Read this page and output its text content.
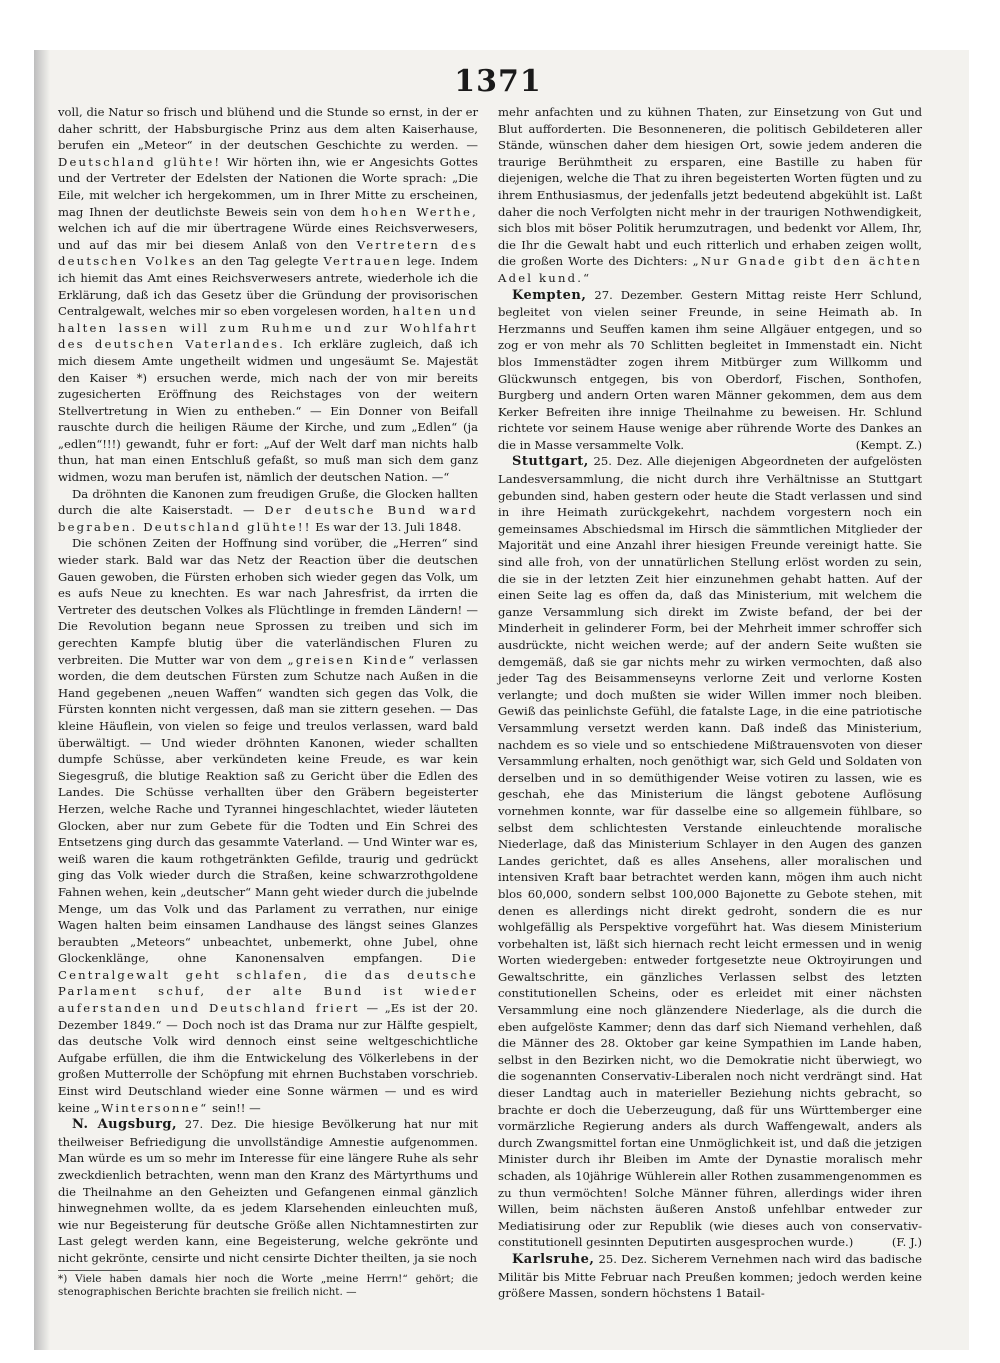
1371

voll, die Natur so frisch und blühend und die Stunde so ernst, in der er daher schritt, der Habsburgische Prinz aus dem alten Kaiserhause, berufen ein „Meteor“ in der deutschen Geschichte zu werden. — Deutschland glühte! Wir hörten ihn, wie er Angesichts Gottes und der Vertreter der Edelsten der Nationen die Worte sprach: „Die Eile, mit welcher ich hergekommen, um in Ihrer Mitte zu erscheinen, mag Ihnen der deutlichste Beweis sein von dem hohen Werthe, welchen ich auf die mir übertragene Würde eines Reichsverwesers, und auf das mir bei diesem Anlaß von den Vertretern des deutschen Volkes an den Tag gelegte Vertrauen lege. Indem ich hiemit das Amt eines Reichsverwesers antrete, wiederhole ich die Erklärung, daß ich das Gesetz über die Gründung der provisorischen Centralgewalt, welches mir so eben vorgelesen worden, halten und halten lassen will zum Ruhme und zur Wohlfahrt des deutschen Vaterlandes. Ich erkläre zugleich, daß ich mich diesem Amte ungetheilt widmen und ungesäumt Se. Majestät den Kaiser *) ersuchen werde, mich nach der von mir bereits zugesicherten Eröffnung des Reichstages von der weitern Stellvertretung in Wien zu entheben.“ — Ein Donner von Beifall rauschte durch die heiligen Räume der Kirche, und zum „Edlen“ (ja „edlen“!!!) gewandt, fuhr er fort: „Auf der Welt darf man nichts halb thun, hat man einen Entschluß gefaßt, so muß man sich dem ganz widmen, wozu man berufen ist, nämlich der deutschen Nation. —“

Da dröhnten die Kanonen zum freudigen Gruße, die Glocken hallten durch die alte Kaiserstadt. — Der deutsche Bund ward begraben. Deutschland glühte!! Es war der 13. Juli 1848.

Die schönen Zeiten der Hoffnung sind vorüber, die „Herren“ sind wieder stark. Bald war das Netz der Reaction über die deutschen Gauen gewoben, die Fürsten erhoben sich wieder gegen das Volk, um es aufs Neue zu knechten. Es war nach Jahresfrist, da irrten die Vertreter des deutschen Volkes als Flüchtlinge in fremden Ländern! — Die Revolution begann neue Sprossen zu treiben und sich im gerechten Kampfe blutig über die vaterländischen Fluren zu verbreiten. Die Mutter war von dem „greisen Kinde“ verlassen worden, die dem deutschen Fürsten zum Schutze nach Außen in die Hand gegebenen „neuen Waffen“ wandten sich gegen das Volk, die Fürsten konnten nicht vergessen, daß man sie zittern gesehen. — Das kleine Häuflein, von vielen so feige und treulos verlassen, ward bald überwältigt. — Und wieder dröhnten Kanonen, wieder schallten dumpfe Schüsse, aber verkündeten keine Freude, es war kein Siegesgruß, die blutige Reaktion saß zu Gericht über die Edlen des Landes. Die Schüsse verhallten über den Gräbern begeisterter Herzen, welche Rache und Tyrannei hingeschlachtet, wieder läuteten Glocken, aber nur zum Gebete für die Todten und Ein Schrei des Entsetzens ging durch das gesammte Vaterland. — Und Winter war es, weiß waren die kaum rothgetränkten Gefilde, traurig und gedrückt ging das Volk wieder durch die Straßen, keine schwarzrothgoldene Fahnen wehen, kein „deutscher“ Mann geht wieder durch die jubelnde Menge, um das Volk und das Parlament zu verrathen, nur einige Wagen halten beim einsamen Landhause des längst seines Glanzes beraubten „Meteors“ unbeachtet, unbemerkt, ohne Jubel, ohne Glockenklänge, ohne Kanonensalven empfangen. Die Centralgewalt geht schlafen, die das deutsche Parlament schuf, der alte Bund ist wieder auferstanden und Deutschland friert — „Es ist der 20. Dezember 1849.“ — Doch noch ist das Drama nur zur Hälfte gespielt, das deutsche Volk wird dennoch einst seine weltgeschichtliche Aufgabe erfüllen, die ihm die Entwickelung des Völkerlebens in der großen Mutterrolle der Schöpfung mit ehrnen Buchstaben vorschrieb. Einst wird Deutschland wieder eine Sonne wärmen — und es wird keine „Wintersonne“ sein!! —

N. Augsburg, 27. Dez. Die hiesige Bevölkerung hat nur mit theilweiser Befriedigung die unvollständige Amnestie aufgenommen. Man würde es um so mehr im Interesse für eine längere Ruhe als sehr zweckdienlich betrachten, wenn man den Kranz des Märtyrthums und die Theilnahme an den Geheizten und Gefangenen einmal gänzlich hinwegnehmen wollte, da es jedem Klarsehenden einleuchten muß, wie nur Begeisterung für deutsche Größe allen Nichtamnestirten zur Last gelegt werden kann, eine Begeisterung, welche gekrönte und nicht gekrönte, censirte und nicht censirte Dichter theilten, ja sie noch

*) Viele haben damals hier noch die Worte „meine Herrn!“ gehört; die stenographischen Berichte brachten sie freilich nicht. —

mehr anfachten und zu kühnen Thaten, zur Einsetzung von Gut und Blut aufforderten. Die Besonneneren, die politisch Gebildeteren aller Stände, wünschen daher dem hiesigen Ort, sowie jedem anderen die traurige Berühmtheit zu ersparen, eine Bastille zu haben für diejenigen, welche die That zu ihren begeisterten Worten fügten und zu ihrem Enthusiasmus, der jedenfalls jetzt bedeutend abgekühlt ist. Laßt daher die noch Verfolgten nicht mehr in der traurigen Nothwendigkeit, sich blos mit böser Politik herumzutragen, und bedenkt vor Allem, Ihr, die Ihr die Gewalt habt und euch ritterlich und erhaben zeigen wollt, die großen Worte des Dichters: „Nur Gnade gibt den ächten Adel kund.“

Kempten, 27. Dezember. Gestern Mittag reiste Herr Schlund, begleitet von vielen seiner Freunde, in seine Heimath ab. In Herzmanns und Seuffen kamen ihm seine Allgäuer entgegen, und so zog er von mehr als 70 Schlitten begleitet in Immenstadt ein. Nicht blos Immenstädter zogen ihrem Mitbürger zum Willkomm und Glückwunsch entgegen, bis von Oberdorf, Fischen, Sonthofen, Burgberg und andern Orten waren Männer gekommen, dem aus dem Kerker Befreiten ihre innige Theilnahme zu beweisen. Hr. Schlund richtete vor seinem Hause wenige aber rührende Worte des Dankes an die in Masse versammelte Volk.	(Kempt. Z.)

Stuttgart, 25. Dez. Alle diejenigen Abgeordneten der aufgelösten Landesversammlung, die nicht durch ihre Verhältnisse an Stuttgart gebunden sind, haben gestern oder heute die Stadt verlassen und sind in ihre Heimath zurückgekehrt, nachdem vorgestern noch ein gemeinsames Abschiedsmal im Hirsch die sämmtlichen Mitglieder der Majorität und eine Anzahl ihrer hiesigen Freunde vereinigt hatte. Sie sind alle froh, von der unnatürlichen Stellung erlöst worden zu sein, die sie in der letzten Zeit hier einzunehmen gehabt hatten. Auf der einen Seite lag es offen da, daß das Ministerium, mit welchem die ganze Versammlung sich direkt im Zwiste befand, der bei der Minderheit in gelinderer Form, bei der Mehrheit immer schroffer sich ausdrückte, nicht weichen werde; auf der andern Seite wußten sie demgemäß, daß sie gar nichts mehr zu wirken vermochten, daß also jeder Tag des Beisammenseyns verlorne Zeit und verlorne Kosten verlangte; und doch mußten sie wider Willen immer noch bleiben. Gewiß das peinlichste Gefühl, die fatalste Lage, in die eine patriotische Versammlung versetzt werden kann. Daß indeß das Ministerium, nachdem es so viele und so entschiedene Mißtrauensvoten von dieser Versammlung erhalten, noch genöthigt war, sich Geld und Soldaten von derselben und in so demüthigender Weise votiren zu lassen, wie es geschah, ehe das Ministerium die längst gebotene Auflösung vornehmen konnte, war für dasselbe eine so allgemein fühlbare, so selbst dem schlichtesten Verstande einleuchtende moralische Niederlage, daß das Ministerium Schlayer in den Augen des ganzen Landes gerichtet, daß es alles Ansehens, aller moralischen und intensiven Kraft baar betrachtet werden kann, mögen ihm auch nicht blos 60,000, sondern selbst 100,000 Bajonette zu Gebote stehen, mit denen es allerdings nicht direkt gedroht, sondern die es nur wohlgefällig als Perspektive vorgeführt hat. Was diesem Ministerium vorbehalten ist, läßt sich hiernach recht leicht ermessen und in wenig Worten wiedergeben: entweder fortgesetzte neue Oktroyirungen und Gewaltschritte, ein gänzliches Verlassen selbst des letzten constitutionellen Scheins, oder es erleidet mit einer nächsten Versammlung eine noch glänzendere Niederlage, als die durch die eben aufgelöste Kammer; denn das darf sich Niemand verhehlen, daß die Männer des 28. Oktober gar keine Sympathien im Lande haben, selbst in den Bezirken nicht, wo die Demokratie nicht überwiegt, wo die sogenannten Conservativ-Liberalen noch nicht verdrängt sind. Hat dieser Landtag auch in materieller Beziehung nichts gebracht, so brachte er doch die Ueberzeugung, daß für uns Württemberger eine vormärzliche Regierung anders als durch Waffengewalt, anders als durch Zwangsmittel fortan eine Unmöglichkeit ist, und daß die jetzigen Minister durch ihr Bleiben im Amte der Dynastie moralisch mehr schaden, als 10jährige Wühlerein aller Rothen zusammengenommen es zu thun vermöchten! Solche Männer führen, allerdings wider ihren Willen, beim nächsten äußeren Anstoß unfehlbar entweder zur Mediatisirung oder zur Republik (wie dieses auch von conservativ-constitutionell gesinnten Deputirten ausgesprochen wurde.)	(F. J.)

Karlsruhe, 25. Dez. Sicherem Vernehmen nach wird das badische Militär bis Mitte Februar nach Preußen kommen; jedoch werden keine größere Massen, sondern höchstens 1 Batail-
